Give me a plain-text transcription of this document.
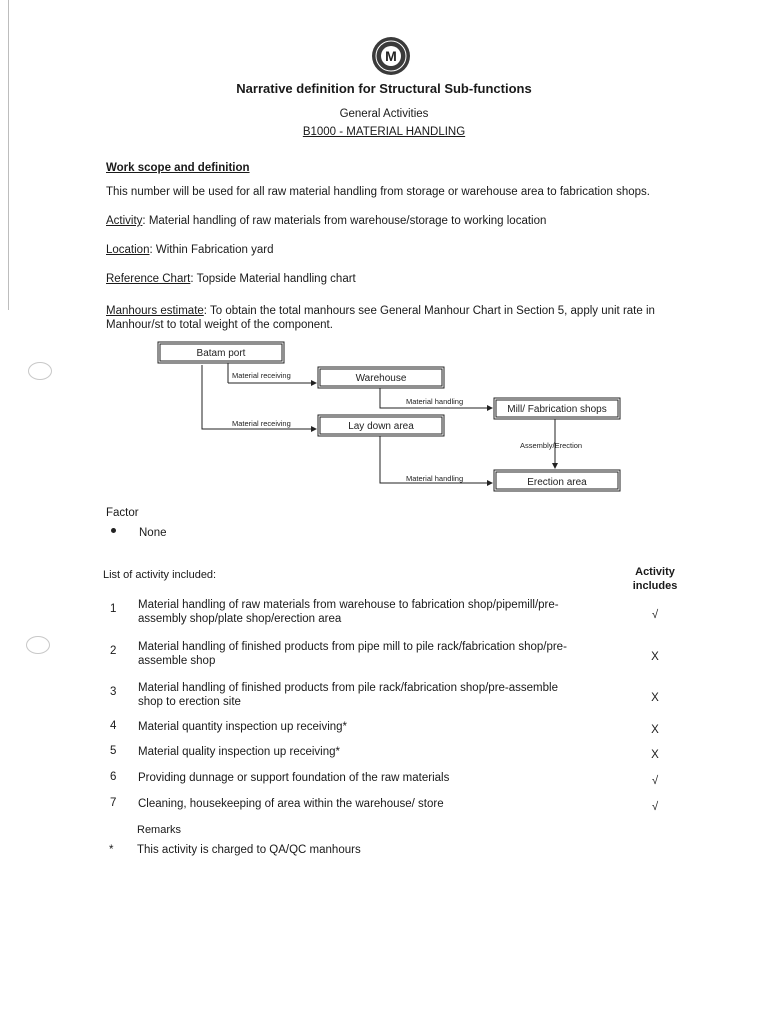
M
Narrative definition for Structural Sub-functions
General Activities
B1000 - MATERIAL HANDLING
Work scope and definition
This number will be used for all raw material handling from storage or warehouse area to fabrication shops.
Activity: Material handling of raw materials from warehouse/storage to working location
Location: Within Fabrication yard
Reference Chart: Topside Material handling chart
Manhours estimate: To obtain the total manhours see General Manhour Chart in Section 5, apply unit rate in
Manhour/st to total weight of the component.
Batam port
Warehouse
Mill/ Fabrication shops
Lay down area
Erection area
Material receiving
Material receiving
Material handling
Material handling
Assembly/Erection
Factor
None
List of activity included:	Activity
includes
1 Material handling of raw materials from warehouse to fabrication shop/pipemill/pre-
assembly shop/plate shop/erection area	√
2 Material handling of finished products from pipe mill to pile rack/fabrication shop/pre-
assemble shop	X
3 Material handling of finished products from pile rack/fabrication shop/pre-assemble
shop to erection site	X
4 Material quantity inspection up receiving*	X
5 Material quality inspection up receiving*	X
6 Providing dunnage or support foundation of the raw materials	√
7 Cleaning, housekeeping of area within the warehouse/ store	√
Remarks
* This activity is charged to QA/QC manhours
